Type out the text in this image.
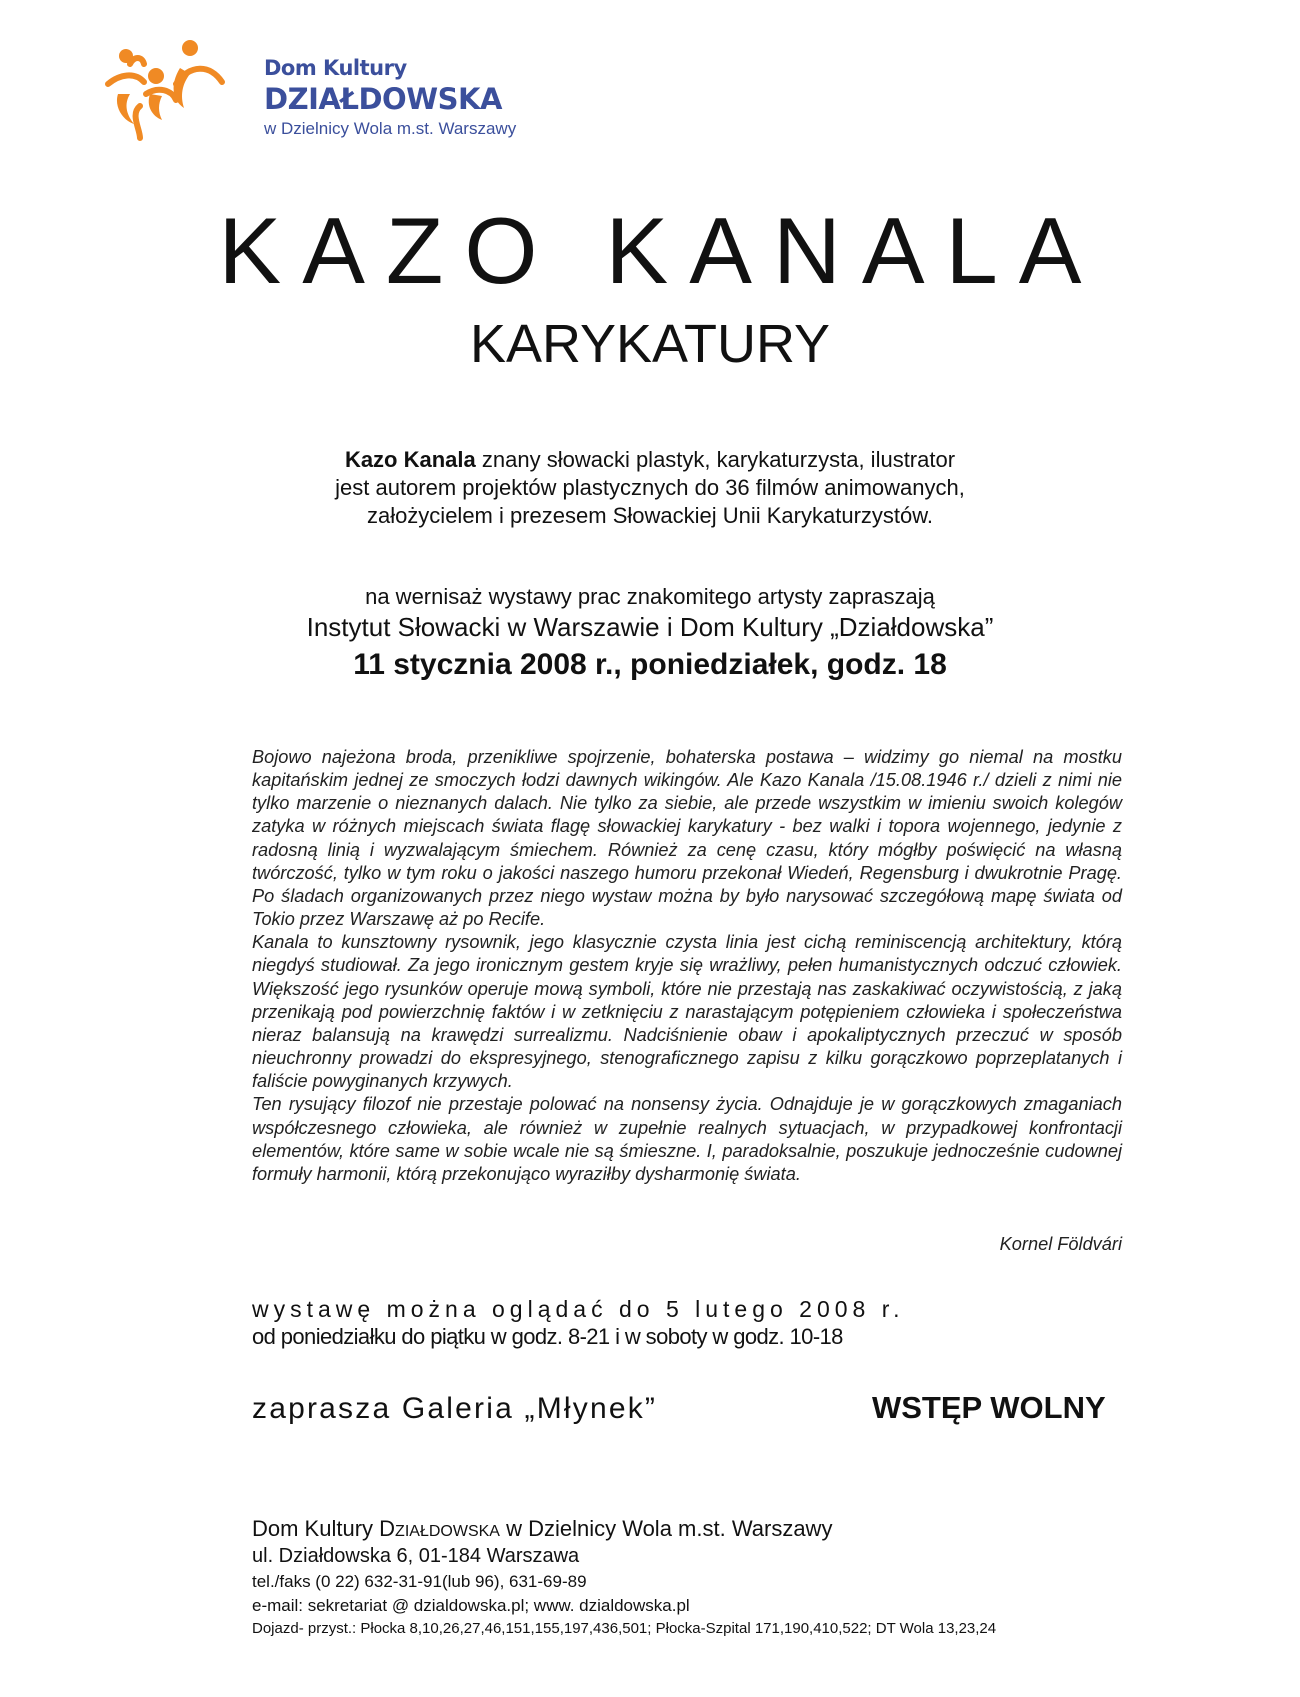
Dom Kultury
DZIAŁDOWSKA
w Dzielnicy Wola m.st. Warszawy
KAZO KANALA
KARYKATURY
Kazo Kanala znany słowacki plastyk, karykaturzysta, ilustrator
jest autorem projektów plastycznych do 36 filmów animowanych,
założycielem i prezesem Słowackiej Unii Karykaturzystów.
na wernisaż wystawy prac znakomitego artysty zapraszają
Instytut Słowacki w Warszawie i Dom Kultury „Działdowska”
11 stycznia 2008 r., poniedziałek, godz. 18

Bojowo najeżona broda, przenikliwe spojrzenie, bohaterska postawa – widzimy go niemal na mostku kapitańskim jednej ze smoczych łodzi dawnych wikingów. Ale Kazo Kanala /15.08.1946 r./ dzieli z nimi nie tylko marzenie o nieznanych dalach. Nie tylko za siebie, ale przede wszystkim w imieniu swoich kolegów zatyka w różnych miejscach świata flagę słowackiej karykatury - bez walki i topora wojennego, jedynie z radosną linią i wyzwalającym śmiechem. Również za cenę czasu, który mógłby poświęcić na własną twórczość, tylko w tym roku o jakości naszego humoru przekonał Wiedeń, Regensburg i dwukrotnie Pragę. Po śladach organizowanych przez niego wystaw można by było narysować szczegółową mapę świata od Tokio przez Warszawę aż po Recife.

Kanala to kunsztowny rysownik, jego klasycznie czysta linia jest cichą reminiscencją architektury, którą niegdyś studiował. Za jego ironicznym gestem kryje się wrażliwy, pełen humanistycznych odczuć człowiek. Większość jego rysunków operuje mową symboli, które nie przestają nas zaskakiwać oczywistością, z jaką przenikają pod powierzchnię faktów i w zetknięciu z narastającym potępieniem człowieka i społeczeństwa nieraz balansują na krawędzi surrealizmu. Nadciśnienie obaw i apokaliptycznych przeczuć w sposób nieuchronny prowadzi do ekspresyjnego, stenograficznego zapisu z kilku gorączkowo poprzeplatanych i faliście powyginanych krzywych.

Ten rysujący filozof nie przestaje polować na nonsensy życia. Odnajduje je w gorączkowych zmaganiach współczesnego człowieka, ale również w zupełnie realnych sytuacjach, w przypadkowej konfrontacji elementów, które same w sobie wcale nie są śmieszne. I, paradoksalnie, poszukuje jednocześnie cudownej formuły harmonii, którą przekonująco wyraziłby dysharmonię świata.

Kornel Földvári
wystawę można oglądać do 5 lutego 2008 r.
od poniedziałku do piątku w godz. 8-21 i w soboty w godz. 10-18
zaprasza Galeria „Młynek”	WSTĘP WOLNY
Dom Kultury DZIAŁDOWSKA w Dzielnicy Wola m.st. Warszawy
ul. Działdowska 6, 01-184 Warszawa
tel./faks (0 22) 632-31-91(lub 96), 631-69-89
e-mail: sekretariat @ dzialdowska.pl; www. dzialdowska.pl
Dojazd- przyst.: Płocka 8,10,26,27,46,151,155,197,436,501; Płocka-Szpital 171,190,410,522; DT Wola 13,23,24
